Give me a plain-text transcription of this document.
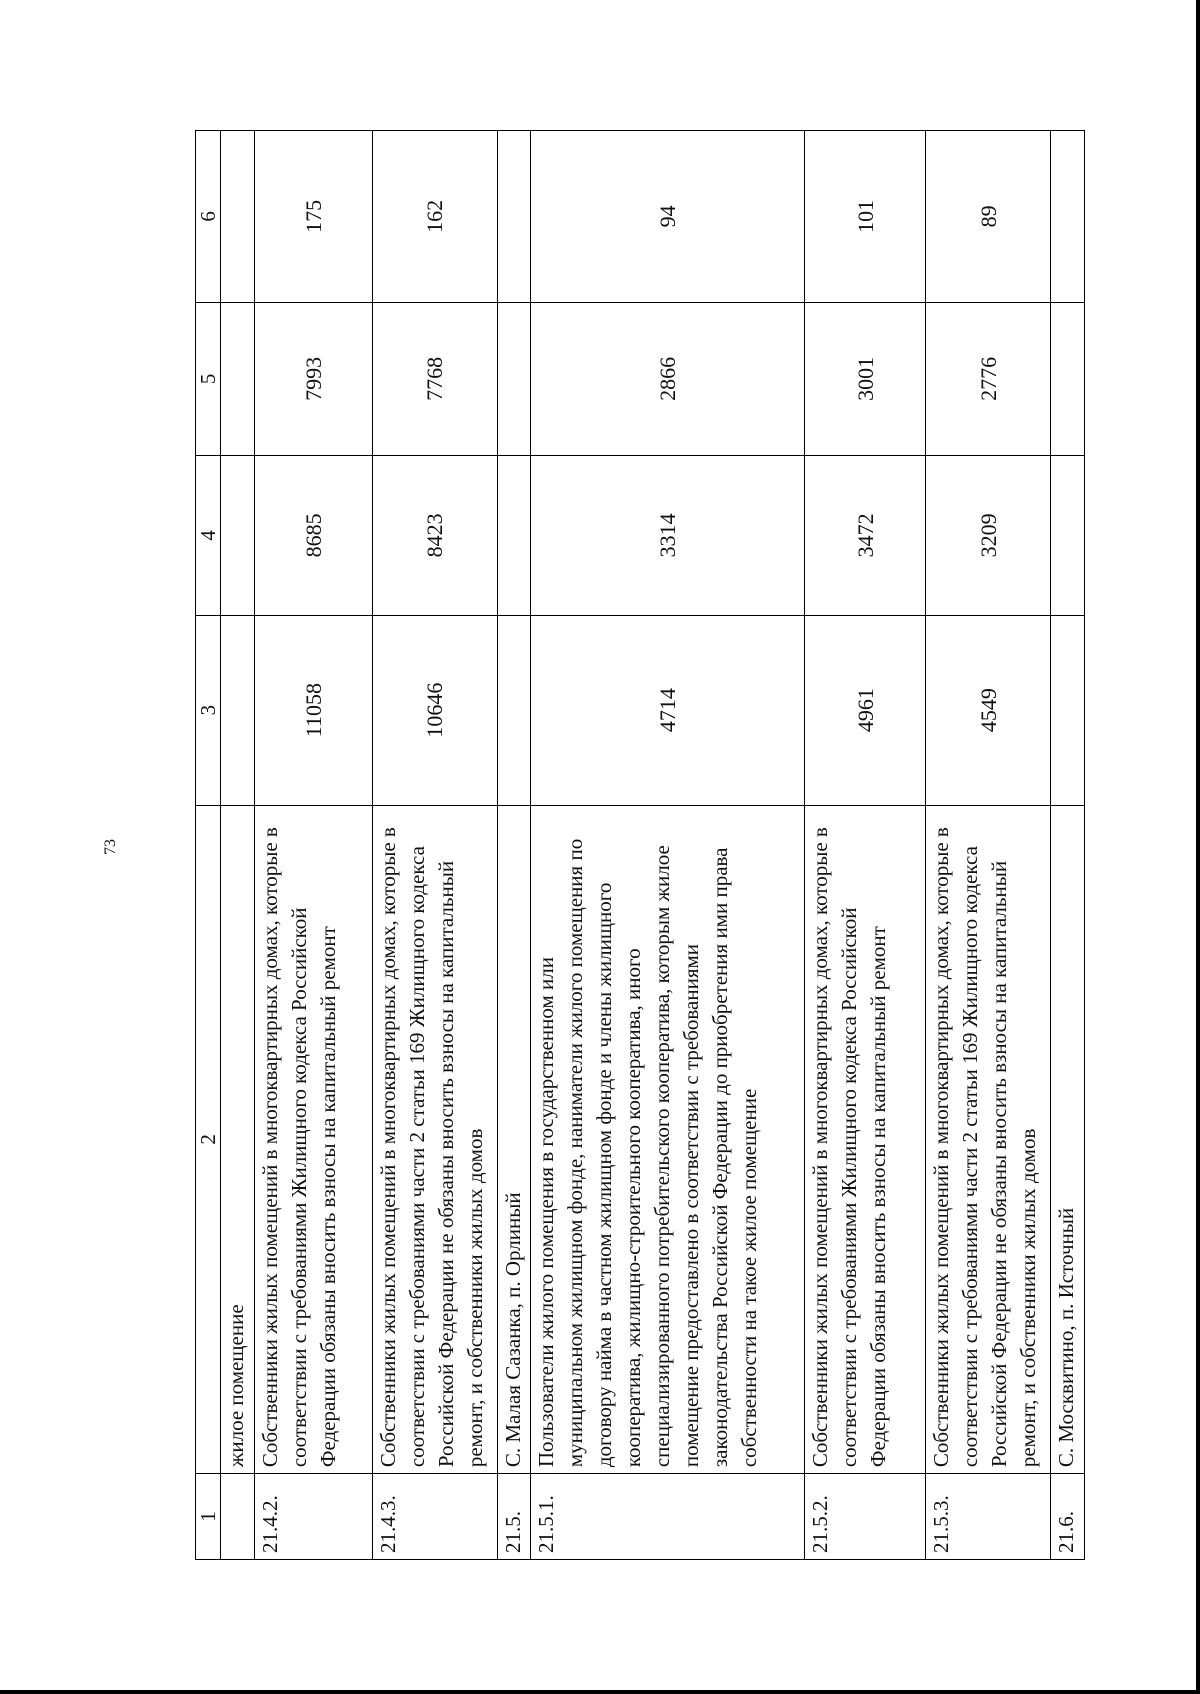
73
1	2	3	4	5	6
	жилое помещение				
21.4.2.	Собственники жилых помещений в многоквартирных домах, которые в соответствии с требованиями Жилищного кодекса Российской Федерации обязаны вносить взносы на капитальный ремонт	11058	8685	7993	175
21.4.3.	Собственники жилых помещений в многоквартирных домах, которые в соответствии с требованиями части 2 статьи 169 Жилищного кодекса Российской Федерации не обязаны вносить взносы на капитальный ремонт, и собственники жилых домов	10646	8423	7768	162
21.5.	С. Малая Сазанка, п. Орлиный				
21.5.1.	Пользователи жилого помещения в государственном или муниципальном жилищном фонде, наниматели жилого помещения по договору найма в частном жилищном фонде и члены жилищного кооператива, жилищно-строительного кооператива, иного специализированного потребительского кооператива, которым жилое помещение предоставлено в соответствии с требованиями законодательства Российской Федерации до приобретения ими права собственности на такое жилое помещение	4714	3314	2866	94
21.5.2.	Собственники жилых помещений в многоквартирных домах, которые в соответствии с требованиями Жилищного кодекса Российской Федерации обязаны вносить взносы на капитальный ремонт	4961	3472	3001	101
21.5.3.	Собственники жилых помещений в многоквартирных домах, которые в соответствии с требованиями части 2 статьи 169 Жилищного кодекса Российской Федерации не обязаны вносить взносы на капитальный ремонт, и собственники жилых домов	4549	3209	2776	89
21.6.	С. Москвитино, п. Источный				
